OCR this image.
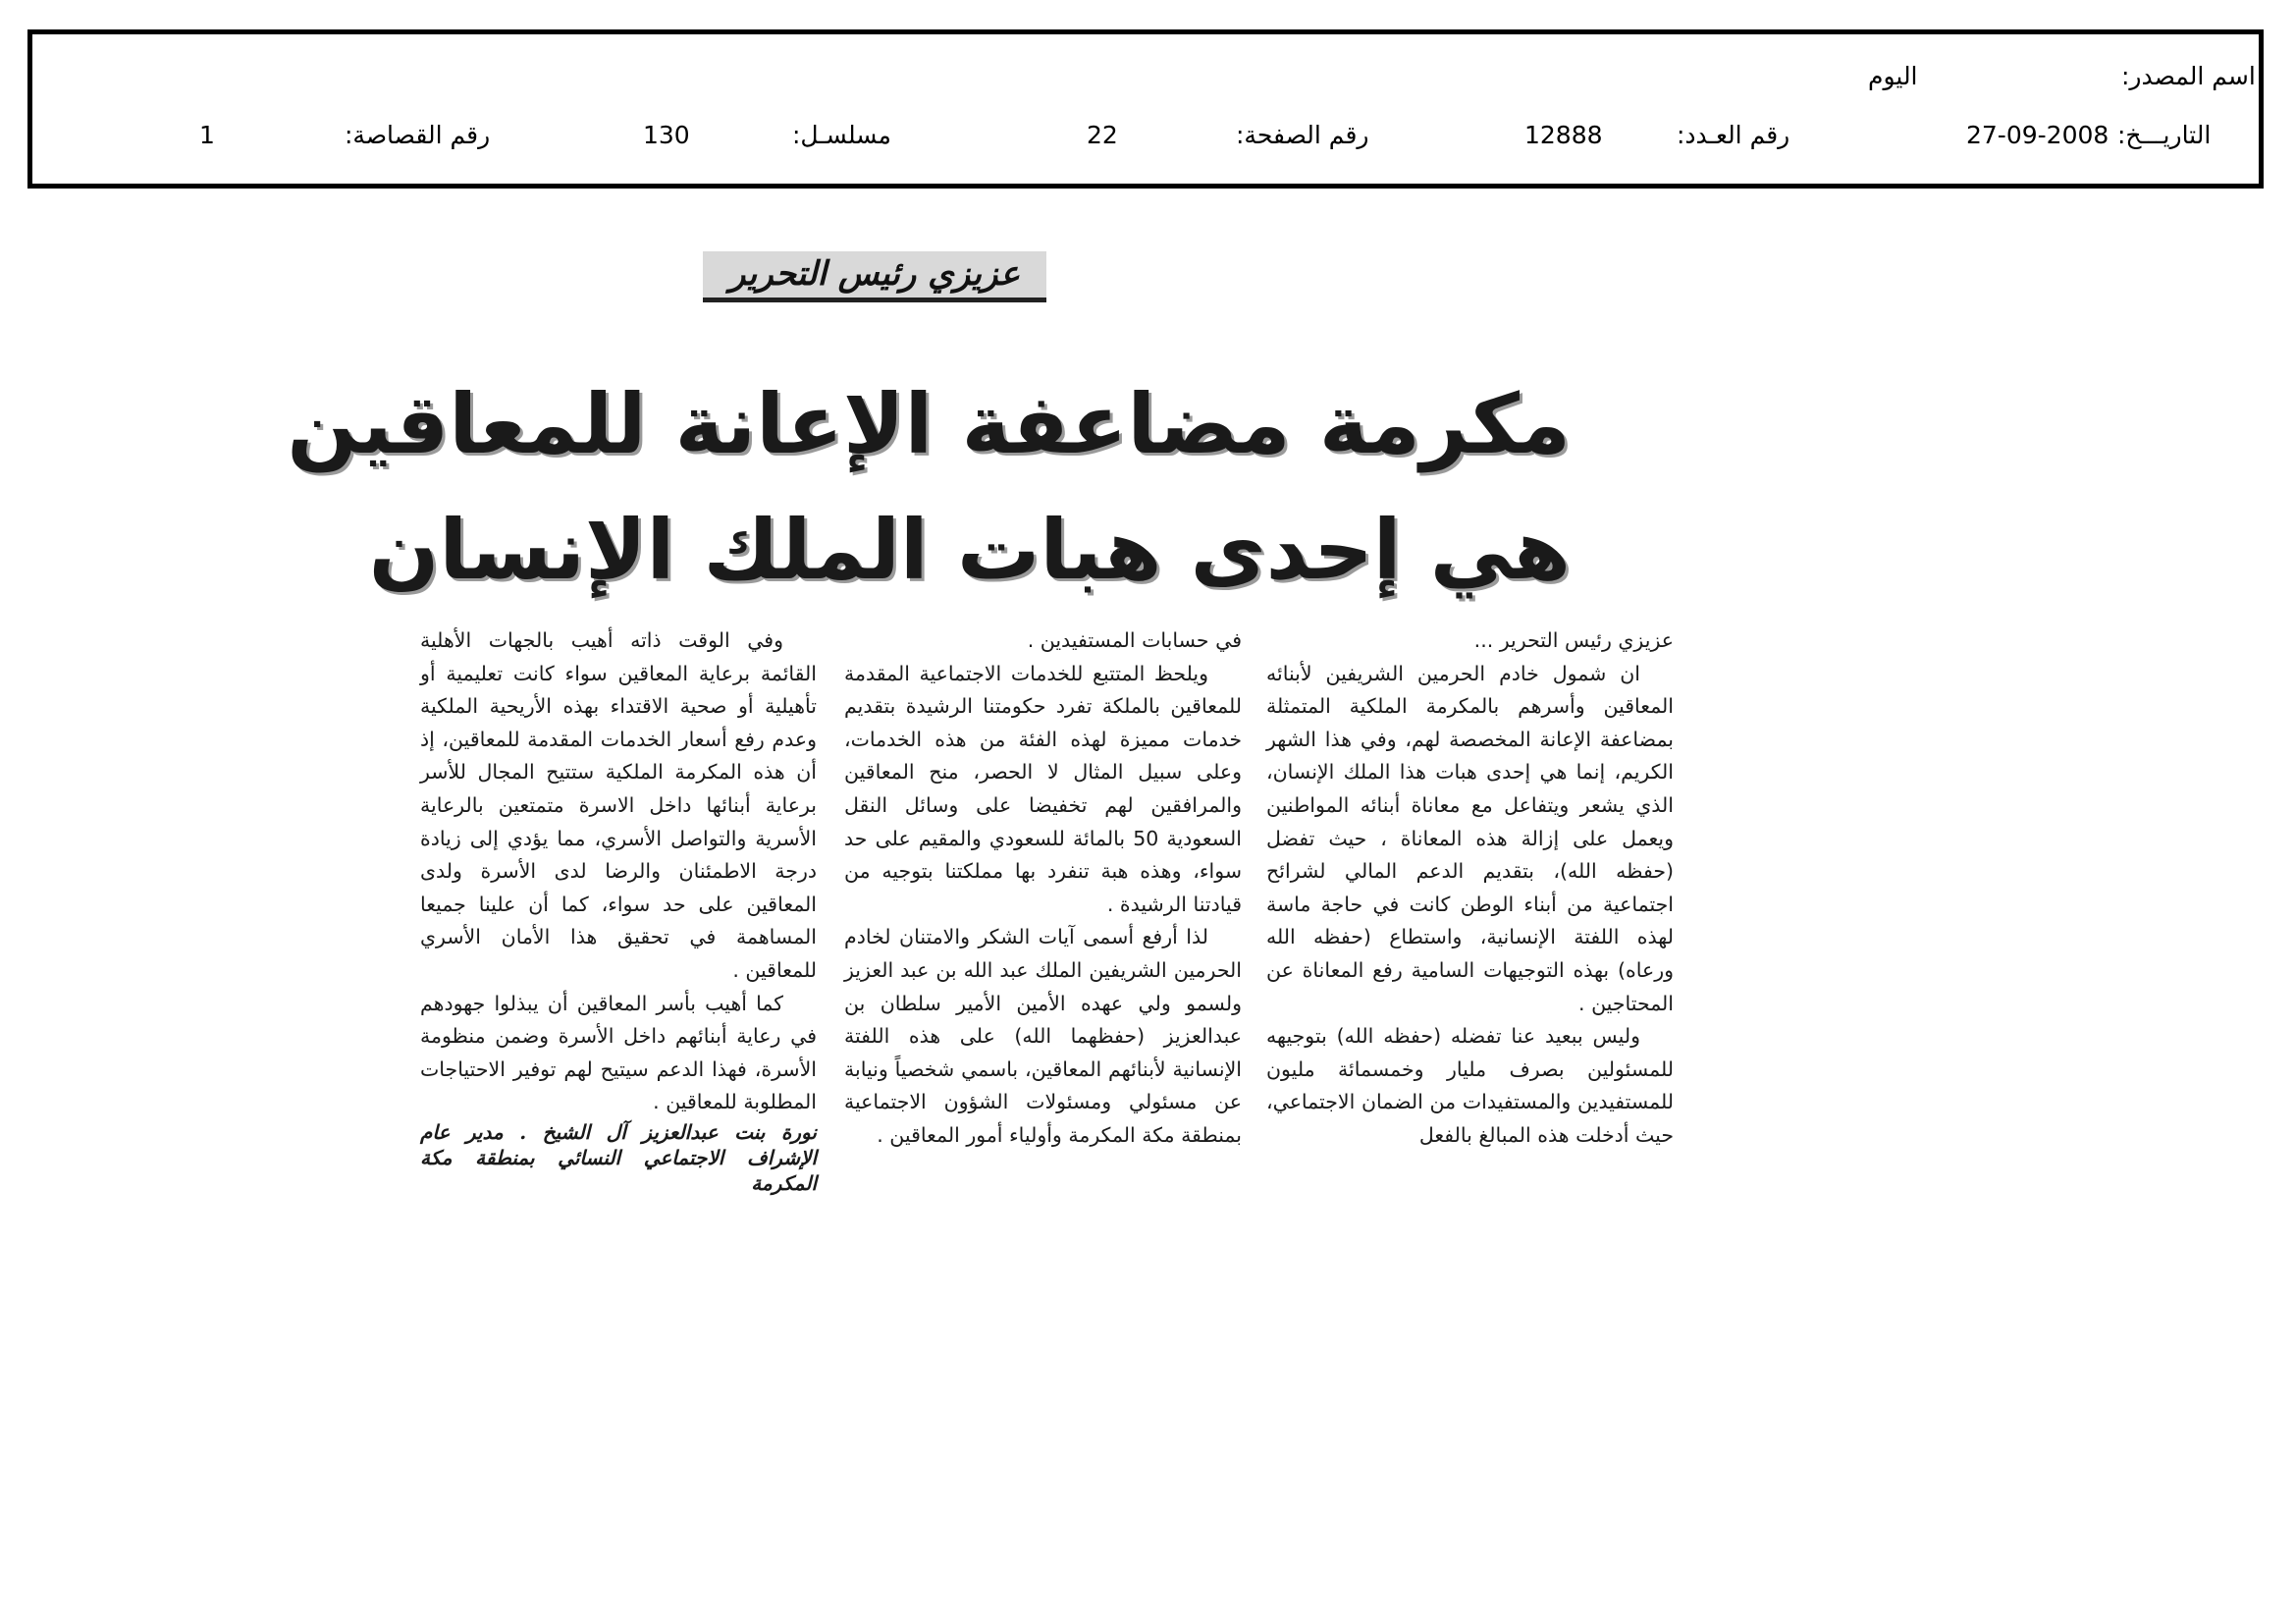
اسم المصدر:
اليوم
التاريـــخ:
27-09-2008
رقم العـدد:
12888
رقم الصفحة:
22
مسلسـل:
130
رقم القصاصة:
1
عزيزي رئيس التحرير
مكرمة مضاعفة الإعانة للمعاقين
هي إحدى هبات الملك الإنسان

عزيزي رئيس التحرير ...

ان شمول خادم الحرمين الشريفين لأبنائه المعاقين وأسرهم بالمكرمة الملكية المتمثلة بمضاعفة الإعانة المخصصة لهم، وفي هذا الشهر الكريم، إنما هي إحدى هبات هذا الملك الإنسان، الذي يشعر ويتفاعل مع معاناة أبنائه المواطنين ويعمل على إزالة هذه المعاناة ، حيث تفضل (حفظه الله)، بتقديم الدعم المالي لشرائح اجتماعية من أبناء الوطن كانت في حاجة ماسة لهذه اللفتة الإنسانية، واستطاع (حفظه الله ورعاه) بهذه التوجيهات السامية رفع المعاناة عن المحتاجين .

وليس ببعيد عنا تفضله (حفظه الله) بتوجيهه للمسئولين بصرف مليار وخمسمائة مليون للمستفيدين والمستفيدات من الضمان الاجتماعي، حيث أدخلت هذه المبالغ بالفعل

في حسابات المستفيدين .

ويلحظ المتتبع للخدمات الاجتماعية المقدمة للمعاقين بالملكة تفرد حكومتنا الرشيدة بتقديم خدمات مميزة لهذه الفئة من هذه الخدمات، وعلى سبيل المثال لا الحصر، منح المعاقين والمرافقين لهم تخفيضا على وسائل النقل السعودية 50 بالمائة للسعودي والمقيم على حد سواء، وهذه هبة تنفرد بها مملكتنا بتوجيه من قيادتنا الرشيدة .

لذا أرفع أسمى آيات الشكر والامتنان لخادم الحرمين الشريفين الملك عبد الله بن عبد العزيز ولسمو ولي عهده الأمين الأمير سلطان بن عبدالعزيز (حفظهما الله) على هذه اللفتة الإنسانية لأبنائهم المعاقين، باسمي شخصياً ونيابة عن مسئولي ومسئولات الشؤون الاجتماعية بمنطقة مكة المكرمة وأولياء أمور المعاقين .

وفي الوقت ذاته أهيب بالجهات الأهلية القائمة برعاية المعاقين سواء كانت تعليمية أو تأهيلية أو صحية الاقتداء بهذه الأريحية الملكية وعدم رفع أسعار الخدمات المقدمة للمعاقين، إذ أن هذه المكرمة الملكية ستتيح المجال للأسر برعاية أبنائها داخل الاسرة متمتعين بالرعاية الأسرية والتواصل الأسري، مما يؤدي إلى زيادة درجة الاطمئنان والرضا لدى الأسرة ولدى المعاقين على حد سواء، كما أن علينا جميعا المساهمة في تحقيق هذا الأمان الأسري للمعاقين .

كما أهيب بأسر المعاقين أن يبذلوا جهودهم في رعاية أبنائهم داخل الأسرة وضمن منظومة الأسرة، فهذا الدعم سيتيح لهم توفير الاحتياجات المطلوبة للمعاقين .

نورة بنت عبدالعزيز آل الشيخ . مدير عام الإشراف الاجتماعي النسائي بمنطقة مكة المكرمة
